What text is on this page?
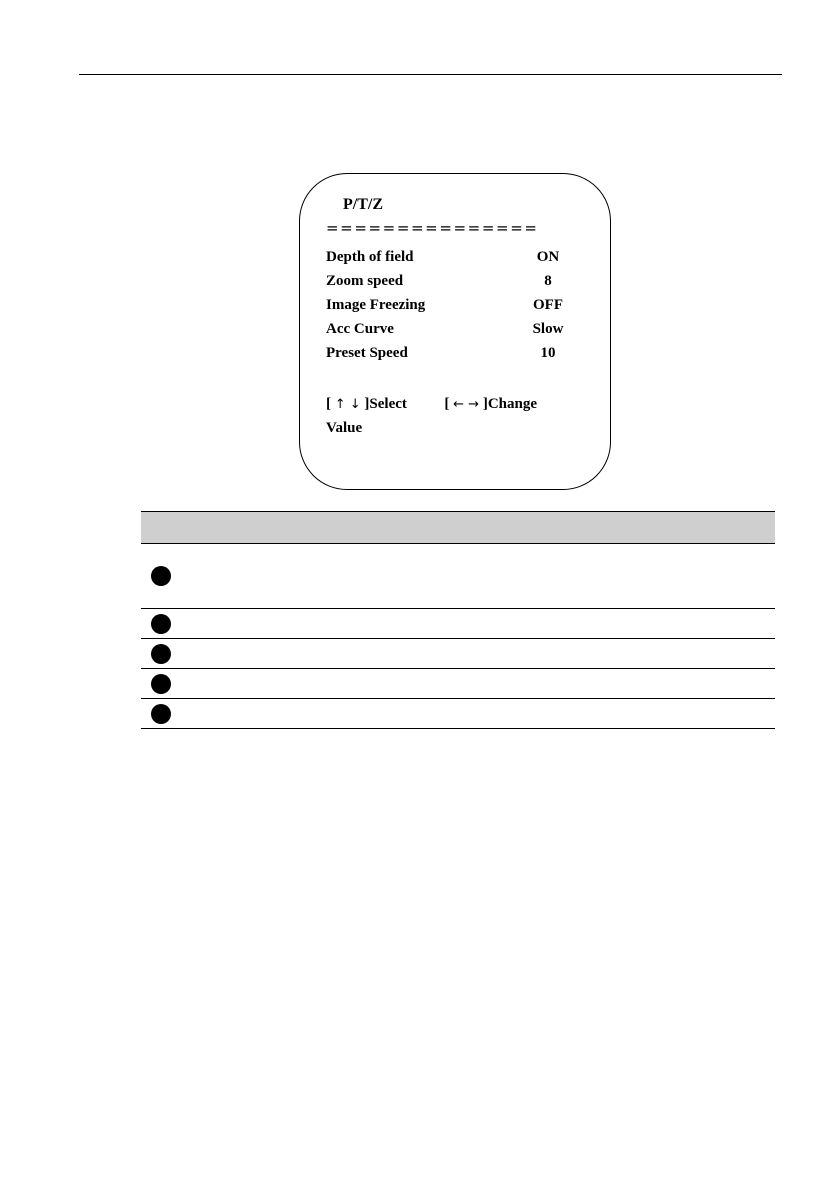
P/T/Z
===============
Depth of field	ON
Zoom speed	8
Image Freezing	OFF
Acc Curve	Slow
Preset Speed	10
[ ↑ ↓ ]Select	[ ← → ]Change
Value
